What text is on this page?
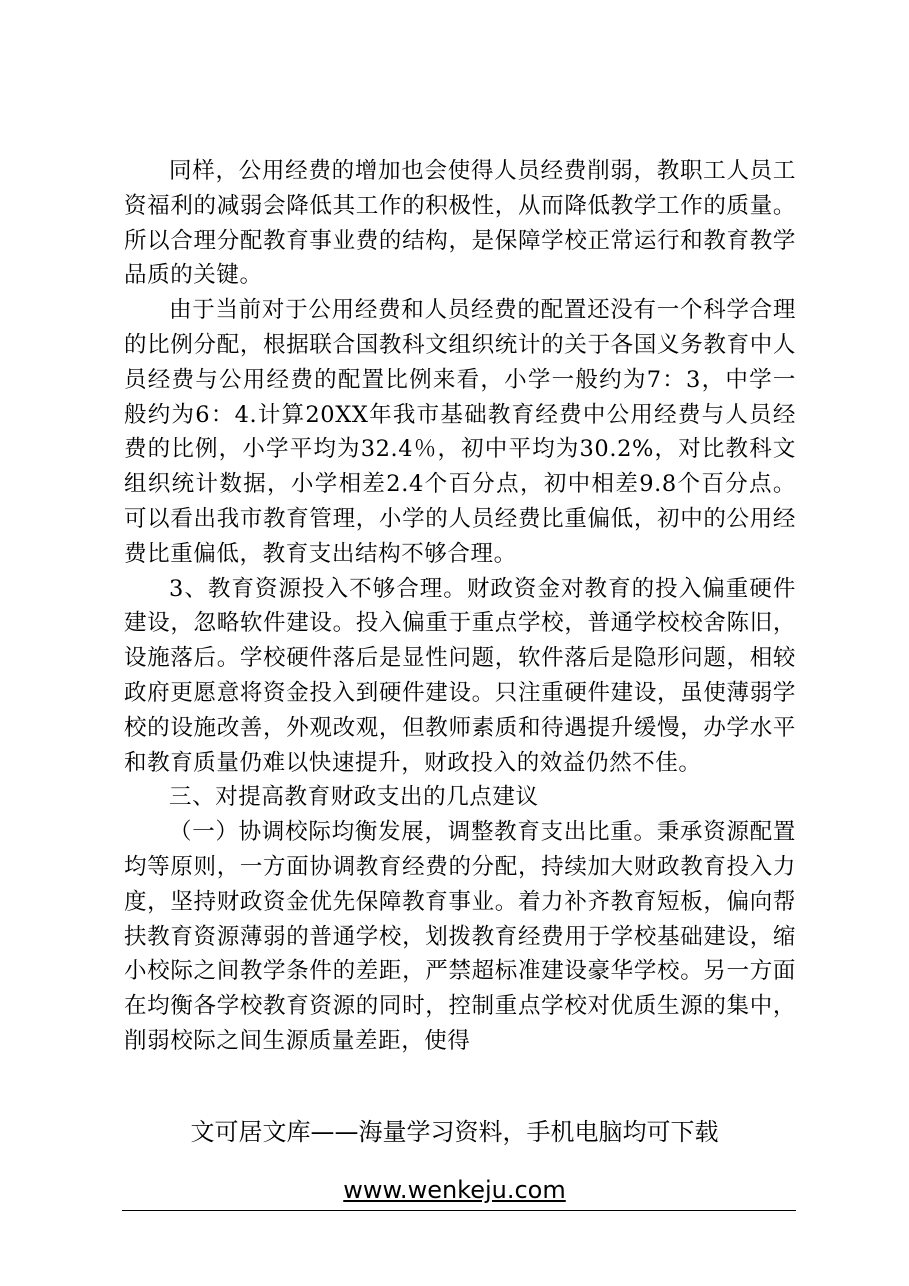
同样，公用经费的增加也会使得人员经费削弱，教职工人员工资福利的减弱会降低其工作的积极性，从而降低教学工作的质量。所以合理分配教育事业费的结构，是保障学校正常运行和教育教学品质的关键。

由于当前对于公用经费和人员经费的配置还没有一个科学合理的比例分配，根据联合国教科文组织统计的关于各国义务教育中人员经费与公用经费的配置比例来看，小学一般约为7：3，中学一般约为6：4.计算20XX年我市基础教育经费中公用经费与人员经费的比例，小学平均为32.4％，初中平均为30.2%，对比教科文组织统计数据，小学相差2.4个百分点，初中相差9.8个百分点。可以看出我市教育管理，小学的人员经费比重偏低，初中的公用经费比重偏低，教育支出结构不够合理。

3、教育资源投入不够合理。财政资金对教育的投入偏重硬件建设，忽略软件建设。投入偏重于重点学校，普通学校校舍陈旧，设施落后。学校硬件落后是显性问题，软件落后是隐形问题，相较政府更愿意将资金投入到硬件建设。只注重硬件建设，虽使薄弱学校的设施改善，外观改观，但教师素质和待遇提升缓慢，办学水平和教育质量仍难以快速提升，财政投入的效益仍然不佳。

三、对提高教育财政支出的几点建议

（一）协调校际均衡发展，调整教育支出比重。秉承资源配置均等原则，一方面协调教育经费的分配，持续加大财政教育投入力度，坚持财政资金优先保障教育事业。着力补齐教育短板，偏向帮扶教育资源薄弱的普通学校，划拨教育经费用于学校基础建设，缩小校际之间教学条件的差距，严禁超标准建设豪华学校。另一方面在均衡各学校教育资源的同时，控制重点学校对优质生源的集中，削弱校际之间生源质量差距，使得

文可居文库——海量学习资料，手机电脑均可下载
www.wenkeju.com
